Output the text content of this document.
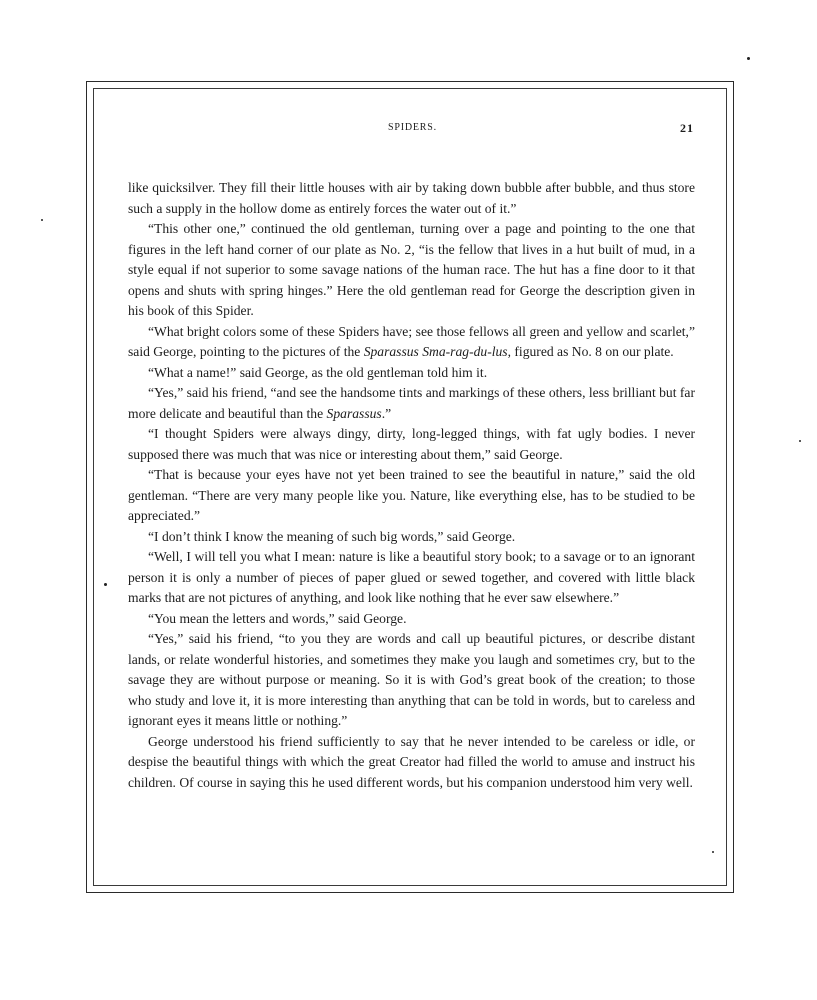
SPIDERS.	21

like quicksilver. They fill their little houses with air by taking down bubble after bubble, and thus store such a supply in the hollow dome as entirely forces the water out of it.”

“This other one,” continued the old gentleman, turning over a page and pointing to the one that figures in the left hand corner of our plate as No. 2, “is the fellow that lives in a hut built of mud, in a style equal if not superior to some savage nations of the human race. The hut has a fine door to it that opens and shuts with spring hinges.” Here the old gentleman read for George the description given in his book of this Spider.

“What bright colors some of these Spiders have; see those fellows all green and yellow and scarlet,” said George, pointing to the pictures of the Sparassus Sma-rag-du-lus, figured as No. 8 on our plate.

“What a name!” said George, as the old gentleman told him it.

“Yes,” said his friend, “and see the handsome tints and markings of these others, less brilliant but far more delicate and beautiful than the Sparassus.”

“I thought Spiders were always dingy, dirty, long-legged things, with fat ugly bodies. I never supposed there was much that was nice or interesting about them,” said George.

“That is because your eyes have not yet been trained to see the beautiful in nature,” said the old gentleman. “There are very many people like you. Nature, like everything else, has to be studied to be appreciated.”

“I don’t think I know the meaning of such big words,” said George.

“Well, I will tell you what I mean: nature is like a beautiful story book; to a savage or to an ignorant person it is only a number of pieces of paper glued or sewed together, and covered with little black marks that are not pictures of anything, and look like nothing that he ever saw elsewhere.”

“You mean the letters and words,” said George.

“Yes,” said his friend, “to you they are words and call up beautiful pictures, or describe distant lands, or relate wonderful histories, and sometimes they make you laugh and sometimes cry, but to the savage they are without purpose or meaning. So it is with God’s great book of the creation; to those who study and love it, it is more interesting than anything that can be told in words, but to careless and ignorant eyes it means little or nothing.”

George understood his friend sufficiently to say that he never intended to be careless or idle, or despise the beautiful things with which the great Creator had filled the world to amuse and instruct his children. Of course in saying this he used different words, but his companion understood him very well.
